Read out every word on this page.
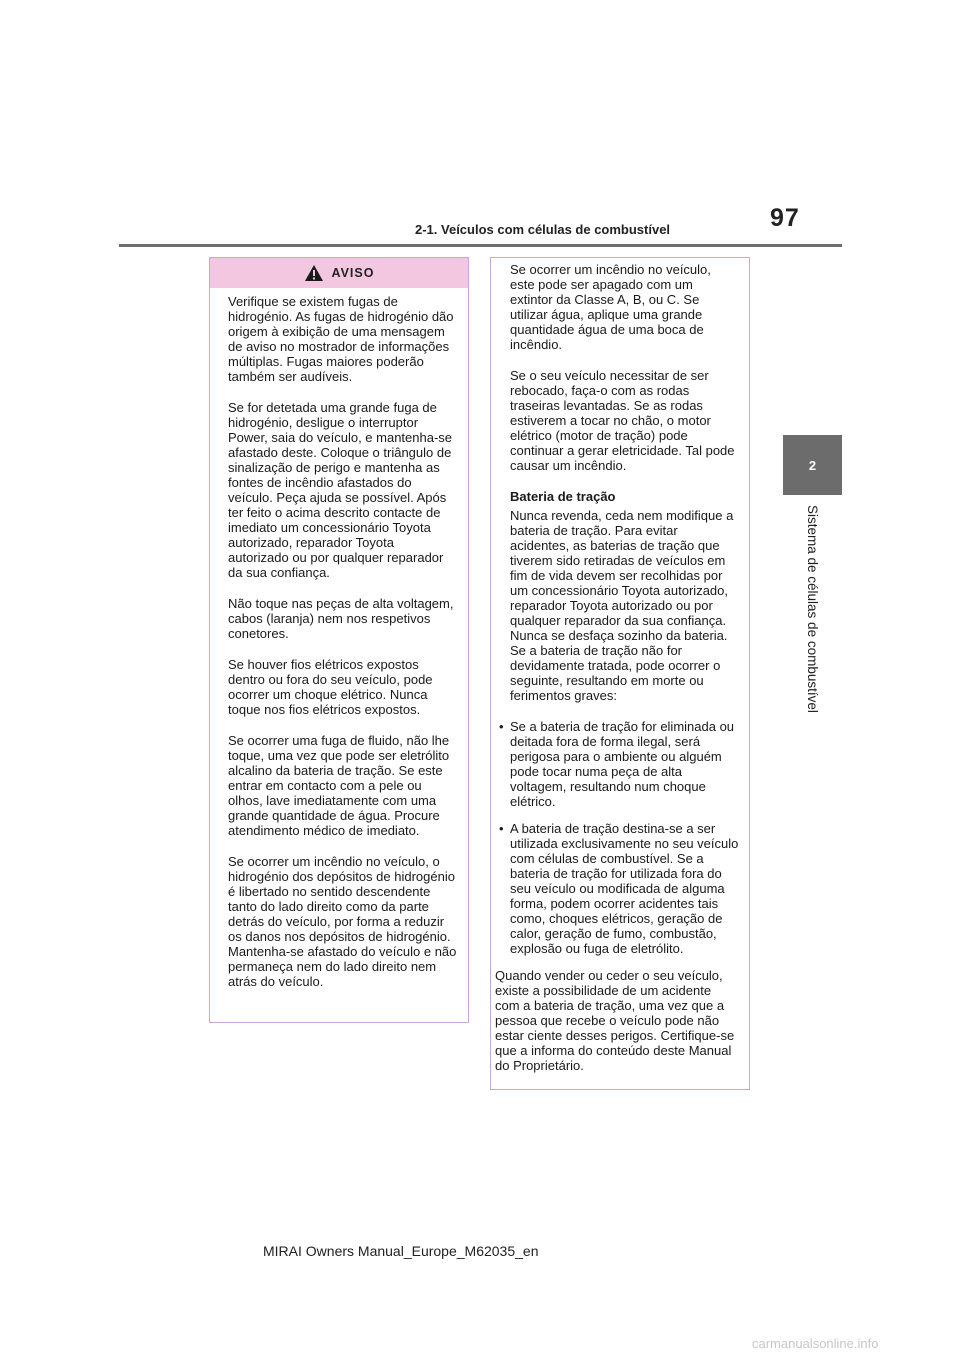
97
2-1. Veículos com células de combustível
2
Sistema de células de combustível
AVISO

Verifique se existem fugas de hidrogénio. As fugas de hidrogénio dão origem à exibição de uma mensagem de aviso no mostrador de informações múltiplas. Fugas maiores poderão também ser audíveis.

Se for detetada uma grande fuga de hidrogénio, desligue o interruptor Power, saia do veículo, e mantenha-se afastado deste. Coloque o triângulo de sinalização de perigo e mantenha as fontes de incêndio afastados do veículo. Peça ajuda se possível. Após ter feito o acima descrito contacte de imediato um concessionário Toyota autorizado, reparador Toyota autorizado ou por qualquer reparador da sua confiança.

Não toque nas peças de alta voltagem, cabos (laranja) nem nos respetivos conetores.

Se houver fios elétricos expostos dentro ou fora do seu veículo, pode ocorrer um choque elétrico. Nunca toque nos fios elétricos expostos.

Se ocorrer uma fuga de fluido, não lhe toque, uma vez que pode ser eletrólito alcalino da bateria de tração. Se este entrar em contacto com a pele ou olhos, lave imediatamente com uma grande quantidade de água. Procure atendimento médico de imediato.

Se ocorrer um incêndio no veículo, o hidrogénio dos depósitos de hidrogénio é libertado no sentido descendente tanto do lado direito como da parte detrás do veículo, por forma a reduzir os danos nos depósitos de hidrogénio. Mantenha-se afastado do veículo e não permaneça nem do lado direito nem atrás do veículo.

Se ocorrer um incêndio no veículo, este pode ser apagado com um extintor da Classe A, B, ou C. Se utilizar água, aplique uma grande quantidade água de uma boca de incêndio.

Se o seu veículo necessitar de ser rebocado, faça-o com as rodas traseiras levantadas. Se as rodas estiverem a tocar no chão, o motor elétrico (motor de tração) pode continuar a gerar eletricidade. Tal pode causar um incêndio.

Bateria de tração

Nunca revenda, ceda nem modifique a bateria de tração. Para evitar acidentes, as baterias de tração que tiverem sido retiradas de veículos em fim de vida devem ser recolhidas por um concessionário Toyota autorizado, reparador Toyota autorizado ou por qualquer reparador da sua confiança. Nunca se desfaça sozinho da bateria. Se a bateria de tração não for devidamente tratada, pode ocorrer o seguinte, resultando em morte ou ferimentos graves:

• Se a bateria de tração for eliminada ou deitada fora de forma ilegal, será perigosa para o ambiente ou alguém pode tocar numa peça de alta voltagem, resultando num choque elétrico.
• A bateria de tração destina-se a ser utilizada exclusivamente no seu veículo com células de combustível. Se a bateria de tração for utilizada fora do seu veículo ou modificada de alguma forma, podem ocorrer acidentes tais como, choques elétricos, geração de calor, geração de fumo, combustão, explosão ou fuga de eletrólito.

Quando vender ou ceder o seu veículo, existe a possibilidade de um acidente com a bateria de tração, uma vez que a pessoa que recebe o veículo pode não estar ciente desses perigos. Certifique-se que a informa do conteúdo deste Manual do Proprietário.

MIRAI Owners Manual_Europe_M62035_en
carmanualsonline.info
